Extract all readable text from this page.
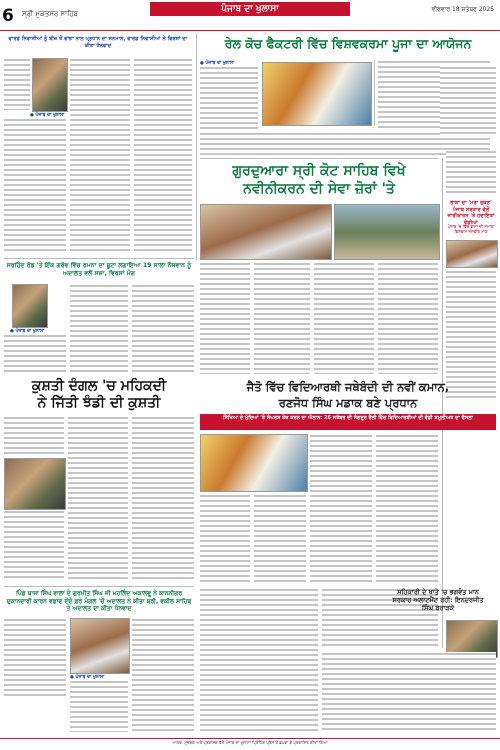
6 ਸ੍ਰੀ ਮੁਕਤਸਰ ਸਾਹਿਬ	ਪੰਜਾਬ ਦਾ ਖੁਲਾਸਾ	ਵੀਰਵਾਰ 18 ਸਤੰਬਰ 2025
ਵਾਰਡ ਨਿਵਾਸੀਆਂ ਨੂੰ ਬੀਜ਼ ਤੋਂ ਵਾਂਝਾ ਨਾਲ ਪ੍ਰਧਾਨ ਦਾ ਸਨਮਾਨ, ਵਾਰਡ ਨਿਵਾਸੀਆਂ ਨੇ ਵਿਰਸਾਂ ਦਾ ਕੀਤਾ ਧੰਨਵਾਦ
● ਪੰਜਾਬ ਦਾ ਖੁਲਾਸਾ
ਰੇਲ ਕੋਚ ਫੈਕਟਰੀ ਵਿੱਚ ਵਿਸ਼ਵਕਰਮਾ ਪੂਜਾ ਦਾ ਆਯੋਜਨ
● ਪੰਜਾਬ ਦਾ ਖੁਲਾਸਾ
ਗੁਰਦੁਆਰਾ ਸ੍ਰੀ ਕੋਟ ਸਾਹਿਬ ਵਿਖੇ
ਨਵੀਨੀਕਰਨ ਦੀ ਸੇਵਾ ਜ਼ੋਰਾਂ 'ਤੇ
ਭਾਸ਼ਾ ਦਾ 'ਮਰਾ ਰੁਕਣ' ਪੰਜਾਬ ਸਰਕਾਰ ਵੱਲੋਂ ਜਾਰੀਕਾਰਨ 'ਤੇ ਹਦਾਇਤਾਂ ਵੰਡੀਆਂ
ਪੰਜਾਬ 'ਚ ਵਿੱਚ ਭਾਸ਼ਾ ਦੀ ਸਮਾਂਤਾ ਵਿਸ਼ਵਾਸ ਜਸਵੀਰ ਮਾਣ
ਸਰਹਿੰਦ ਰੋਡ 'ਤੇ ਇੱਕ ਗਰੋਵ ਵਿੱਚ ਰਮਨਾ ਦਾ ਬੂਟਾ ਲਗਾਇਆ 19 ਸਾਲਾ ਨੌਜਵਾਨ ਨੂੰ ਅਦਾਲਤ ਵਲੋਂ ਸਜ਼ਾ, ਵਿਰਸਾਂ ਮੰਗ
● ਪੰਜਾਬ ਦਾ ਖੁਲਾਸਾ
ਕੁਸ਼ਤੀ ਦੰਗਲ 'ਚ ਮਹਿਕਦੀ
ਨੇ ਜਿੱਤੀ ਝੰਡੀ ਦੀ ਕੁਸ਼ਤੀ
ਜੈਤੋ ਵਿੱਚ ਵਿਦਿਆਰਥੀ ਜਥੇਬੰਦੀ ਦੀ ਨਵੀਂ ਕਮਾਨ,
ਰਣਜੋਧ ਸਿੰਘ ਮਡਾਕ ਬਣੇ ਪ੍ਰਧਾਨ
ਸਿੱਖਿਆ ਦੇ ਮੁੱਦਿਆਂ 'ਤੇ ਸੰਘਰਸ਼ ਤੇਜ਼ ਕਰਨ ਦਾ ਐਲਾਨ: 26 ਸਤੰਬਰ ਦੀ ਸੰਗਰੂਰ ਰੈਲੀ ਵਿੱਚ ਵਿਦਿਆਰਥੀਆਂ ਦੀ ਵੱਡੀ ਸ਼ਮੂਲੀਅਤ ਦਾ ਫੈਸਲਾ
ਪਿੰਡ ਬਾਜਾ ਸਿੰਘ ਵਾਲਾ ਦੇ ਗੁਰਮੀਤ ਸਿੰਘ ਜੀ ਮਹਲਿੰਦ ਅਕਾਲਵੂ ਨੇ ਕਾਨਨੀਗਰ ਦੁਕਾਨਦਾਰੀ ਕਾਰਨ ਵਫ਼ਾਦ ਦੇਂਦੇ ਫ਼ਰੇ ਮੰਗਲ 'ਚੋਂ ਅਦਾਲਤ ਨੇ ਕੀਤਾ ਬਰੀ, ਵਕੀਲ ਸਾਹਿਬ ਤੇ ਅਦਾਲਤ ਦਾ ਕੀਤਾ ਧੰਨਵਾਦ
● ਪੰਜਾਬ ਦਾ ਖੁਲਾਸਾ
ਸਹਿਕਾਰੀ ਦੇ ਖਾਤੇ 'ਚ ਭਗਵੰਤ ਮਾਨ
ਸਰਕਾਰ ਅਲਾਟਮੈਂਟ ਰਹੀ: ਇਨਦਰਜੀਤ
ਸਿੰਘ ਬਰਾੜਕੇ
ਮਾਲਕ, ਮੁਦਰਕ ਅਤੇ ਪ੍ਰਕਾਸ਼ਕ ਵੱਲੋਂ ਪੰਜਾਬ ਦਾ ਖੁਲਾਸਾ ਪ੍ਰਿੰਟਿੰਗ ਪ੍ਰੈਸ ਤੋਂ ਛਪਵਾ ਕੇ ਪ੍ਰਕਾਸ਼ਿਤ ਕੀਤਾ ਗਿਆ
